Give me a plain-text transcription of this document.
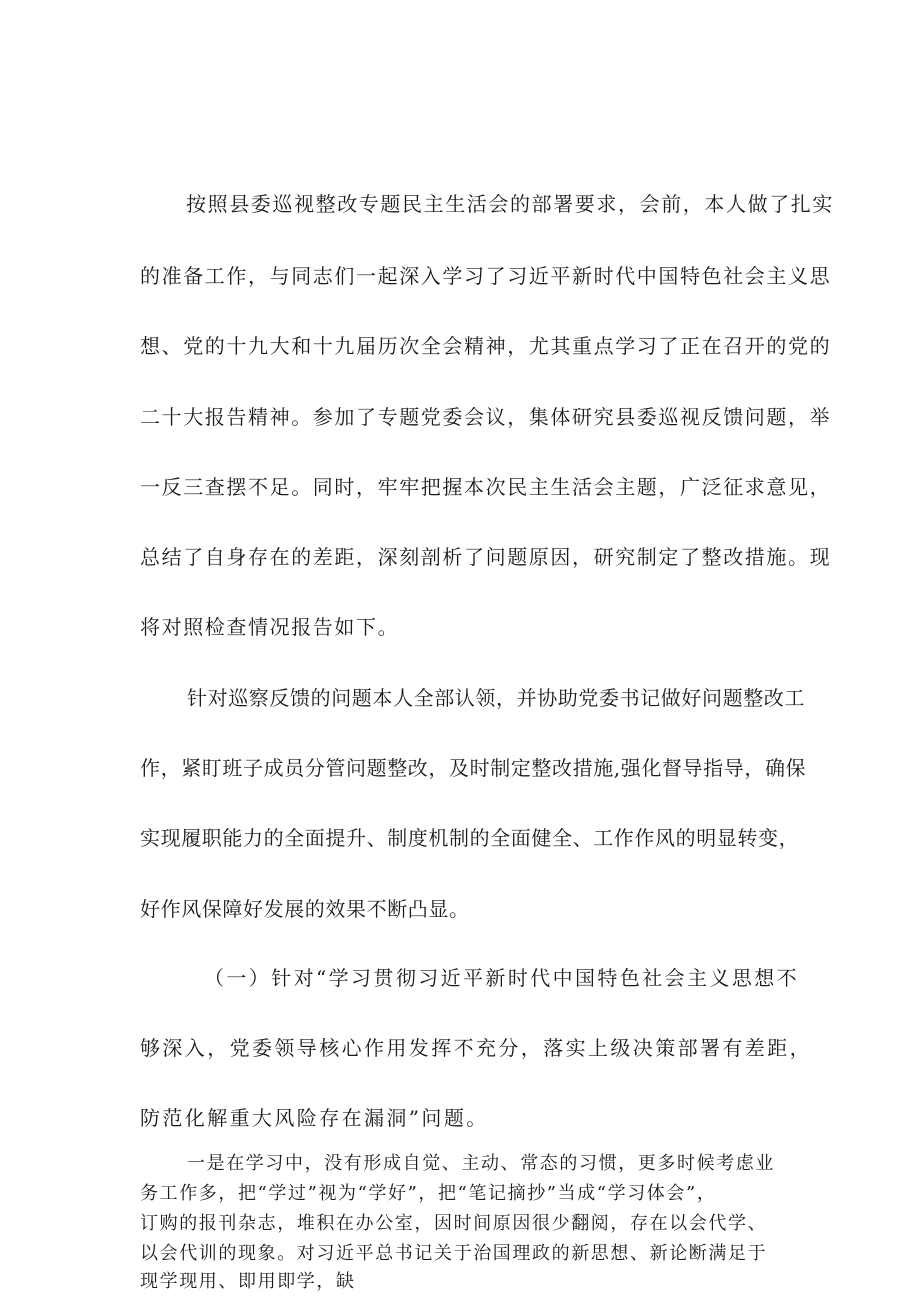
按照县委巡视整改专题民主生活会的部署要求，会前，本人做了扎实
的准备工作，与同志们一起深入学习了习近平新时代中国特色社会主义思
想、党的十九大和十九届历次全会精神，尤其重点学习了正在召开的党的
二十大报告精神。参加了专题党委会议，集体研究县委巡视反馈问题，举
一反三查摆不足。同时，牢牢把握本次民主生活会主题，广泛征求意见，
总结了自身存在的差距，深刻剖析了问题原因，研究制定了整改措施。现
将对照检查情况报告如下。
针对巡察反馈的问题本人全部认领，并协助党委书记做好问题整改工
作，紧盯班子成员分管问题整改，及时制定整改措施,强化督导指导，确保
实现履职能力的全面提升、制度机制的全面健全、工作作风的明显转变，
好作风保障好发展的效果不断凸显。
（一）针对“学习贯彻习近平新时代中国特色社会主义思想不
够深入，党委领导核心作用发挥不充分，落实上级决策部署有差距，
防范化解重大风险存在漏洞”问题。
一是在学习中，没有形成自觉、主动、常态的习惯，更多时候考虑业
务工作多，把“学过”视为“学好”，把“笔记摘抄”当成“学习体会”，
订购的报刊杂志，堆积在办公室，因时间原因很少翻阅，存在以会代学、
以会代训的现象。对习近平总书记关于治国理政的新思想、新论断满足于
现学现用、即用即学，缺
